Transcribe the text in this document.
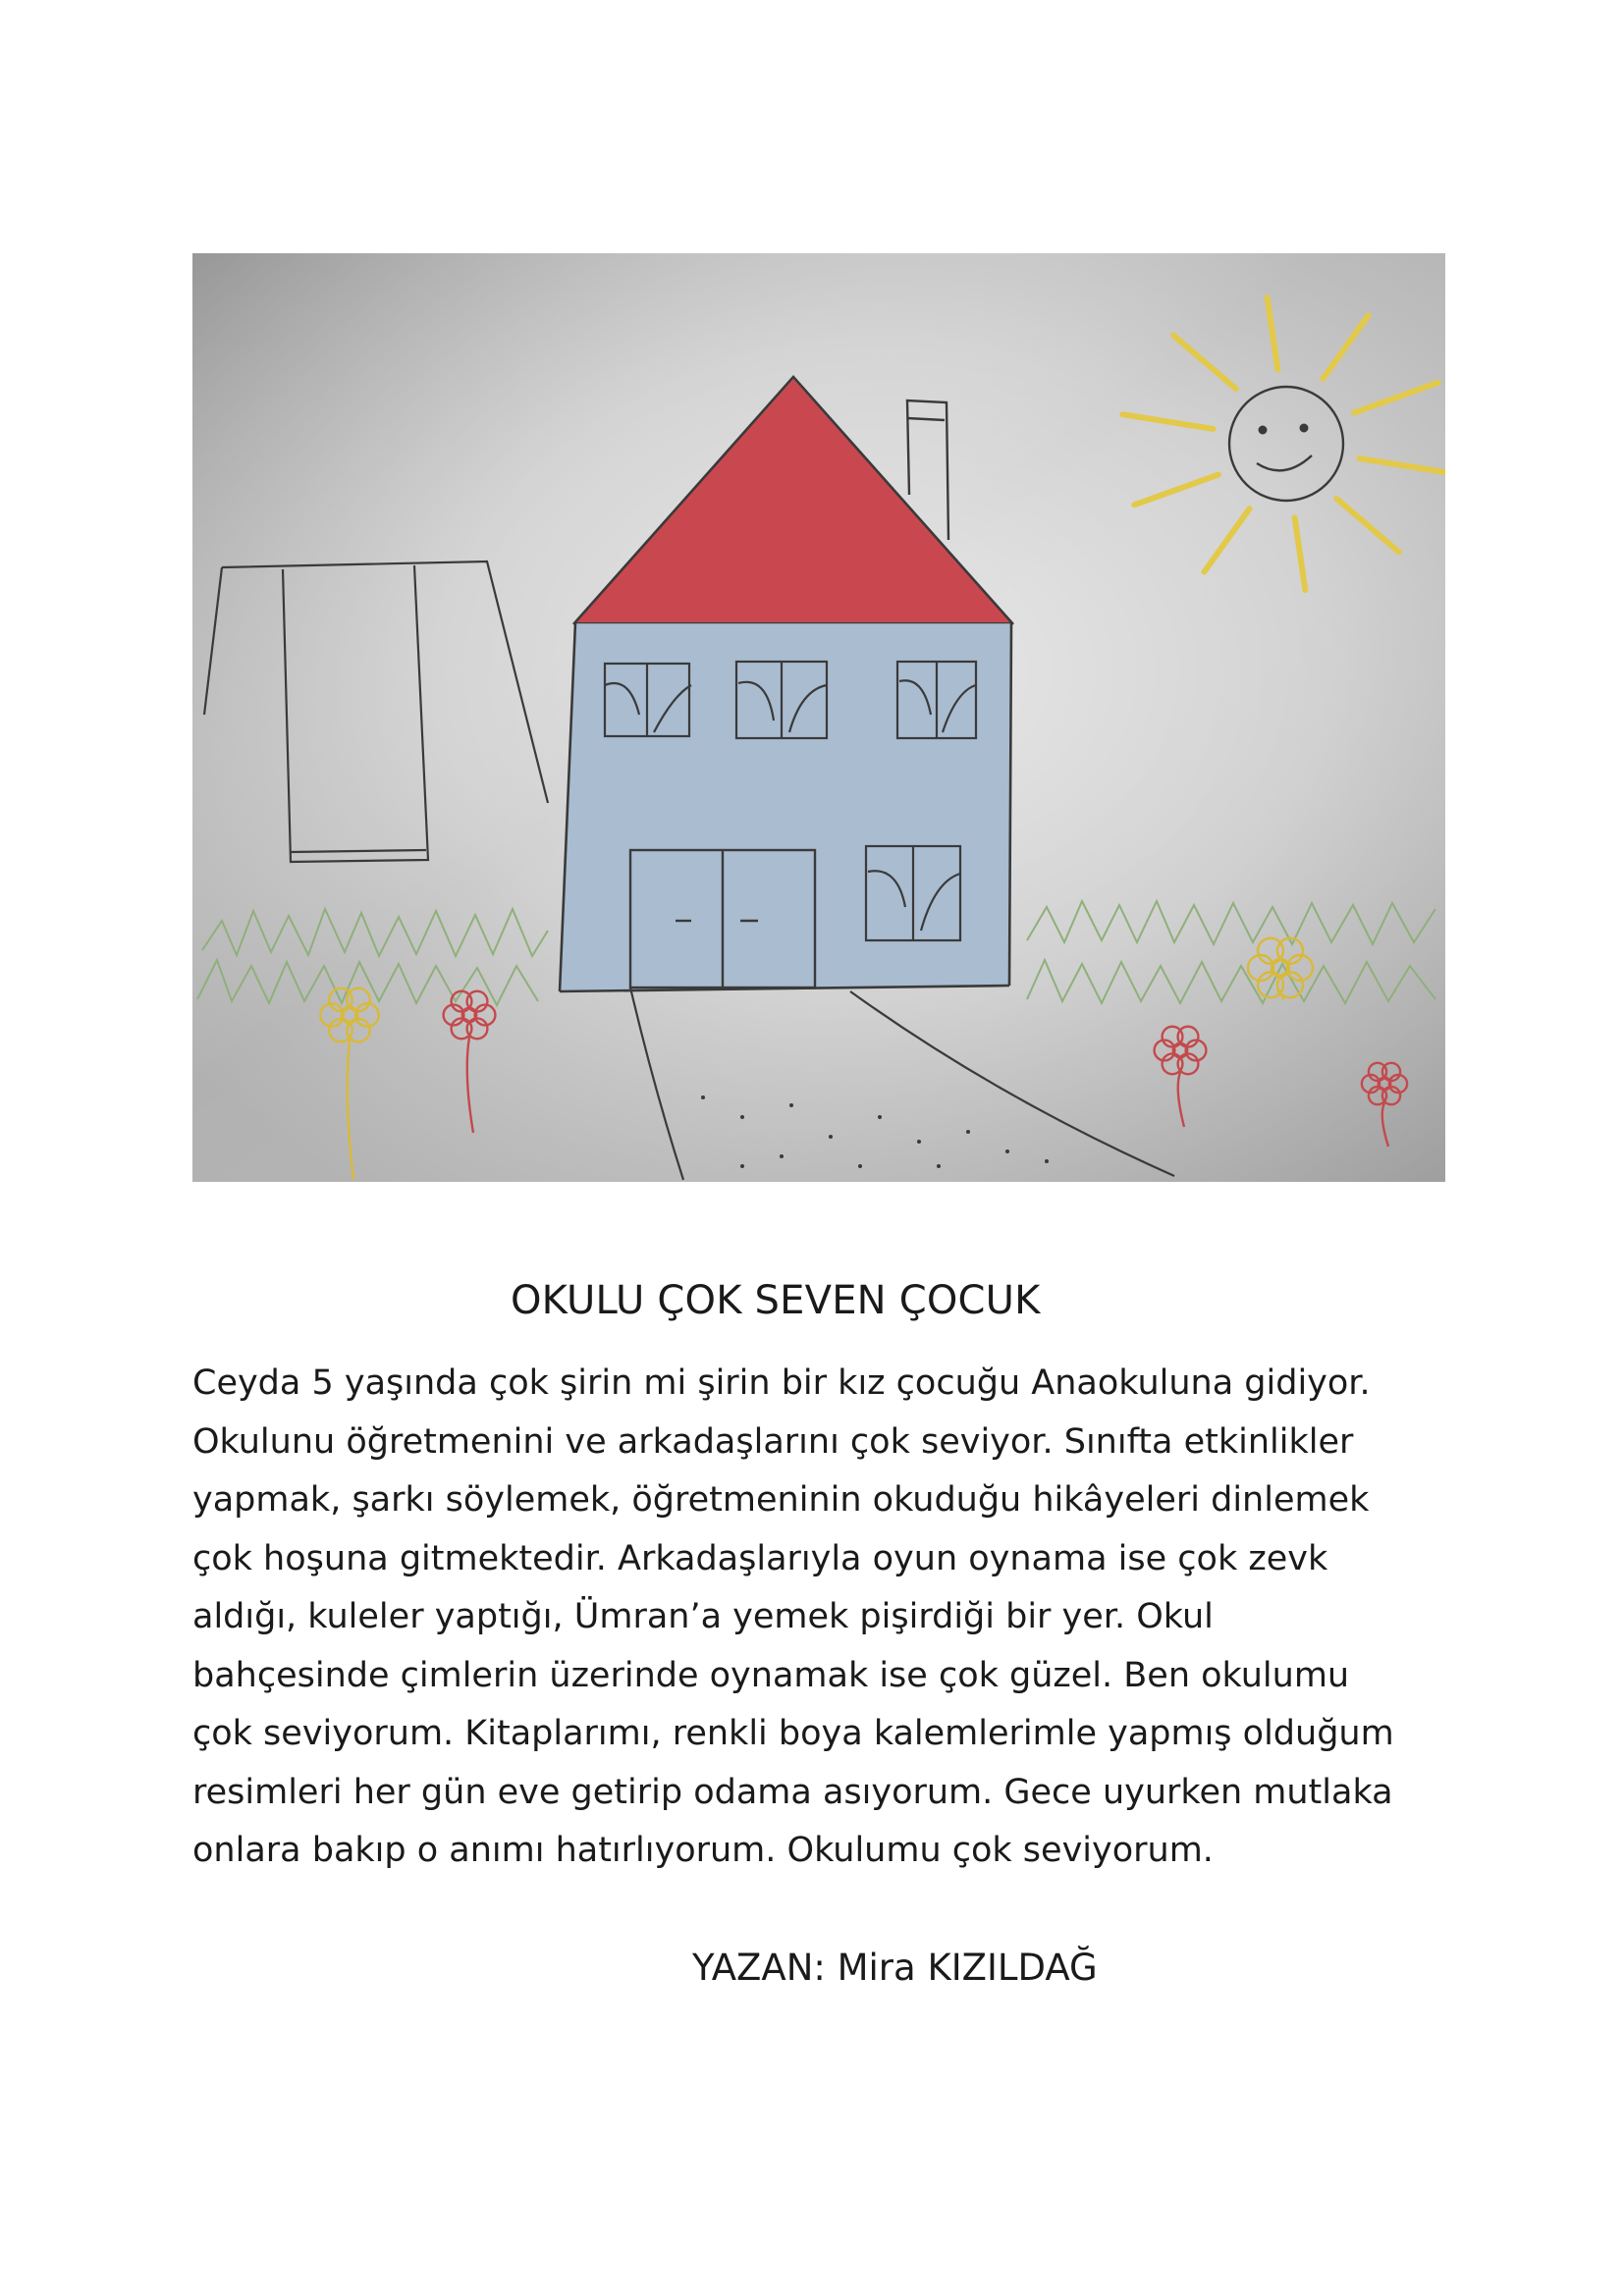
OKULU ÇOK SEVEN ÇOCUK

Ceyda 5 yaşında çok şirin mi şirin bir kız çocuğu Anaokuluna gidiyor.

Okulunu öğretmenini ve arkadaşlarını çok seviyor. Sınıfta etkinlikler

yapmak, şarkı söylemek, öğretmeninin okuduğu hikâyeleri dinlemek

çok hoşuna gitmektedir. Arkadaşlarıyla oyun oynama ise çok zevk

aldığı, kuleler yaptığı, Ümran’a yemek pişirdiği bir yer. Okul

bahçesinde çimlerin üzerinde oynamak ise çok güzel. Ben okulumu

çok seviyorum. Kitaplarımı, renkli boya kalemlerimle yapmış olduğum

resimleri her gün eve getirip odama asıyorum. Gece uyurken mutlaka

onlara bakıp o anımı hatırlıyorum. Okulumu çok seviyorum.

YAZAN: Mira KIZILDAĞ
